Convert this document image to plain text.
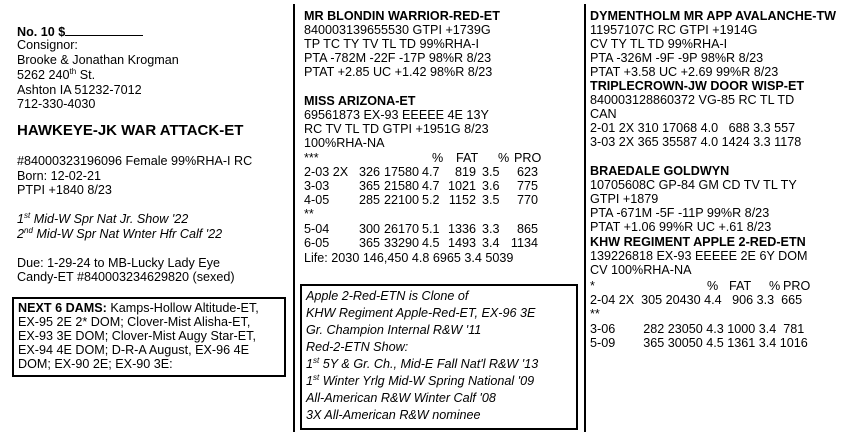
No. 10 $
Consignor:
Brooke & Jonathan Krogman
5262 240th St.
Ashton IA 51232-7012
712-330-4030
HAWKEYE-JK WAR ATTACK-ET
#84000323196096 Female 99%RHA-I RC
Born: 12-02-21
PTPI +1840 8/23
1st Mid-W Spr Nat Jr. Show '22
2nd Mid-W Spr Nat Wnter Hfr Calf '22
Due: 1-29-24 to MB-Lucky Lady Eye
Candy-ET #840003234629820 (sexed)
NEXT 6 DAMS: Kamps-Hollow Altitude-ET,
EX-95 2E 2* DOM; Clover-Mist Alisha-ET,
EX-93 3E DOM; Clover-Mist Augy Star-ET,
EX-94 4E DOM; D-R-A August, EX-96 4E
DOM; EX-90 2E; EX-90 3E:
MR BLONDIN WARRIOR-RED-ET
840003139655530 GTPI +1739G
TP TC TY TV TL TD 99%RHA-I
PTA -782M -22F -17P 98%R 8/23
PTAT +2.85 UC +1.42 98%R 8/23
MISS ARIZONA-ET
69561873 EX-93 EEEEE 4E 13Y
RC TV TL TD GTPI +1951G 8/23
100%RHA-NA
***	%	FAT	% PRO
2-03 2X 326 17580 4.7	819 3.5	623
3-03	365 21580 4.7 1021 3.6	775
4-05	285 22100 5.2 1152 3.5	770
**
5-04	300 26170 5.1 1336 3.3	865
6-05	365 33290 4.5 1493 3.4 1134
Life: 2030 146,450 4.8 6965 3.4 5039
Apple 2-Red-ETN is Clone of
KHW Regiment Apple-Red-ET, EX-96 3E
Gr. Champion Internal R&W '11
Red-2-ETN Show:
1st 5Y & Gr. Ch., Mid-E Fall Nat'l R&W '13
1st Winter Yrlg Mid-W Spring National '09
All-American R&W Winter Calf '08
3X All-American R&W nominee
DYMENTHOLM MR APP AVALANCHE-TW
11957107C RC GTPI +1914G
CV TY TL TD 99%RHA-I
PTA -326M -9F -9P 98%R 8/23
PTAT +3.58 UC +2.69 99%R 8/23
TRIPLECROWN-JW DOOR WISP-ET
840003128860372 VG-85 RC TL TD
CAN
2-01 2X 310 17068 4.0   688 3.3 557
3-03 2X 365 35587 4.0 1424 3.3 1178
BRAEDALE GOLDWYN
10705608C GP-84 GM CD TV TL TY
GTPI +1879
PTA -671M -5F -11P 99%R 8/23
PTAT +1.06 99%R UC +.61 8/23
KHW REGIMENT APPLE 2-RED-ETN
139226818 EX-93 EEEEE 2E 6Y DOM
CV 100%RHA-NA
*	% FAT	% PRO
2-04 2X  305 20430 4.4   906 3.3  665
**
3-06        282 23050 4.3 1000 3.4  781
5-09        365 30050 4.5 1361 3.4 1016
